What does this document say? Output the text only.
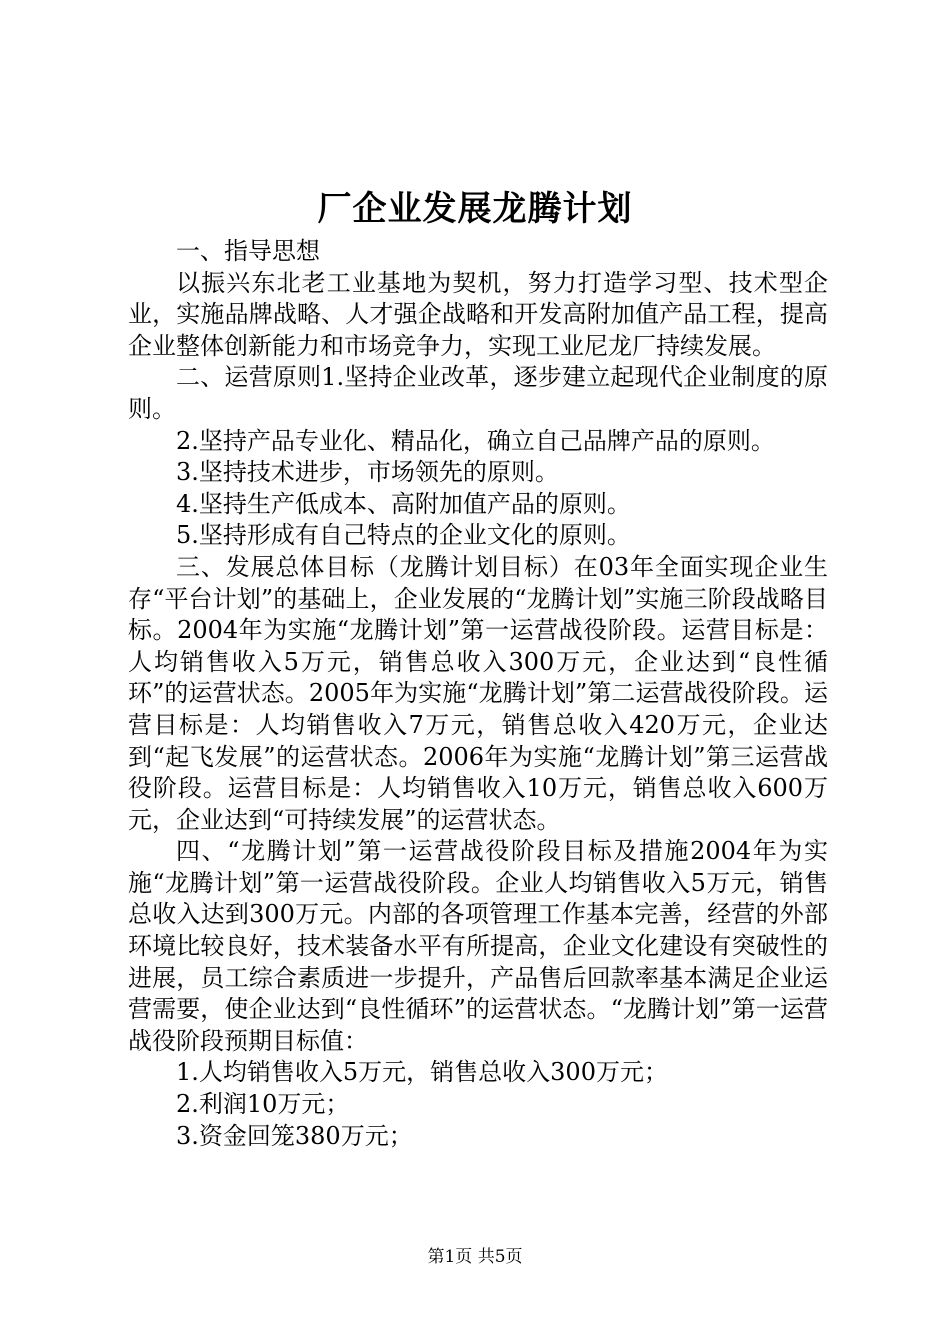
厂企业发展龙腾计划

一、指导思想

以振兴东北老工业基地为契机，努力打造学习型、技术型企业，实施品牌战略、人才强企战略和开发高附加值产品工程，提高企业整体创新能力和市场竞争力，实现工业尼龙厂持续发展。

二、运营原则1.坚持企业改革，逐步建立起现代企业制度的原则。

2.坚持产品专业化、精品化，确立自己品牌产品的原则。

3.坚持技术进步，市场领先的原则。

4.坚持生产低成本、高附加值产品的原则。

5.坚持形成有自己特点的企业文化的原则。

三、发展总体目标（龙腾计划目标）在03年全面实现企业生存“平台计划”的基础上，企业发展的“龙腾计划”实施三阶段战略目标。2004年为实施“龙腾计划”第一运营战役阶段。运营目标是：人均销售收入5万元，销售总收入300万元，企业达到“良性循环”的运营状态。2005年为实施“龙腾计划”第二运营战役阶段。运营目标是：人均销售收入7万元，销售总收入420万元，企业达到“起飞发展”的运营状态。2006年为实施“龙腾计划”第三运营战役阶段。运营目标是：人均销售收入10万元，销售总收入600万元，企业达到“可持续发展”的运营状态。

四、“龙腾计划”第一运营战役阶段目标及措施2004年为实施“龙腾计划”第一运营战役阶段。企业人均销售收入5万元，销售总收入达到300万元。内部的各项管理工作基本完善，经营的外部环境比较良好，技术装备水平有所提高，企业文化建设有突破性的进展，员工综合素质进一步提升，产品售后回款率基本满足企业运营需要，使企业达到“良性循环”的运营状态。“龙腾计划”第一运营战役阶段预期目标值：

1.人均销售收入5万元，销售总收入300万元；

2.利润10万元；

3.资金回笼380万元；

第1页 共5页
